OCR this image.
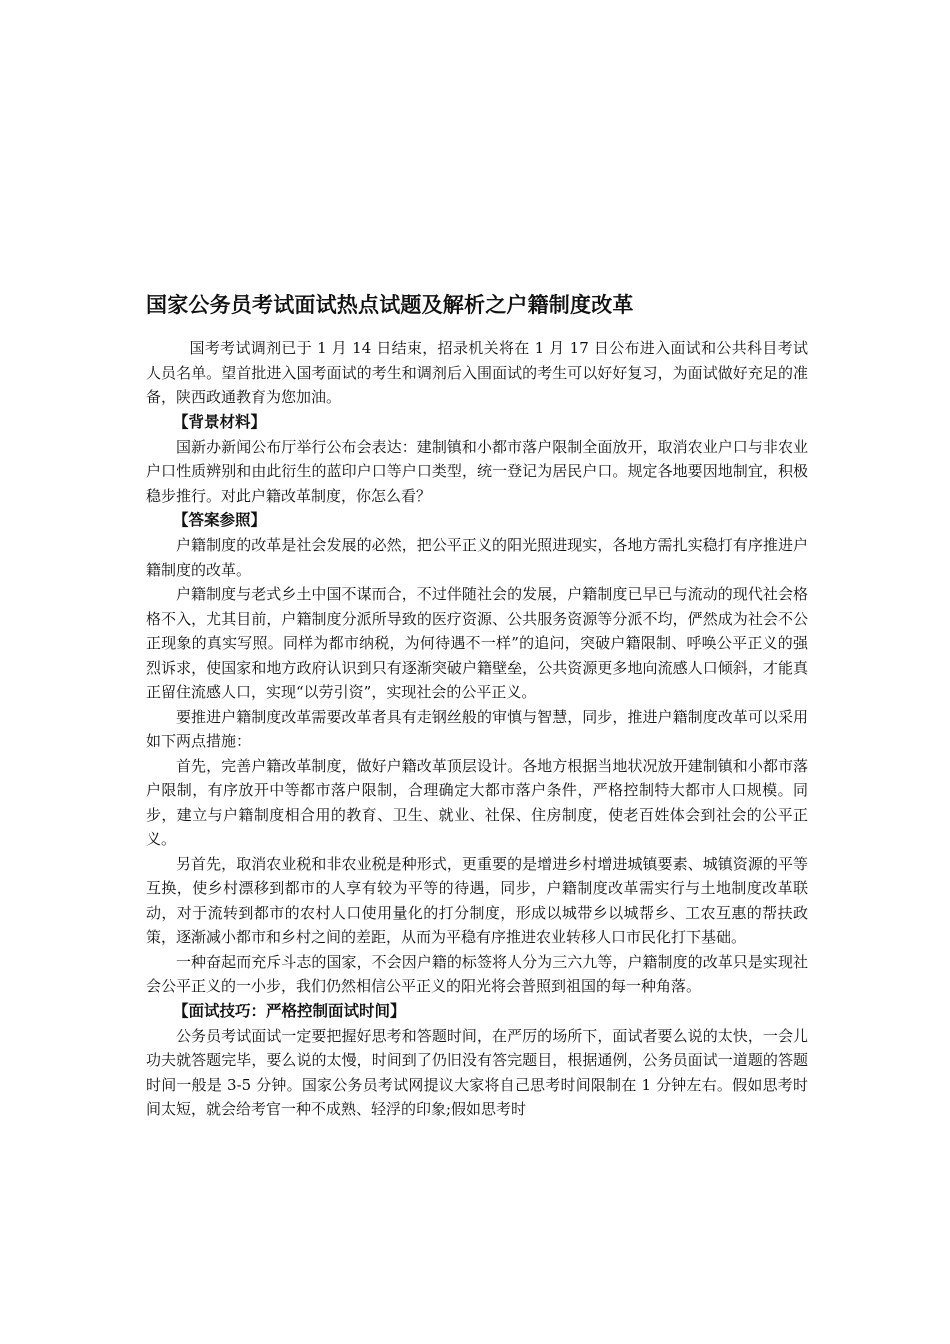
国家公务员考试面试热点试题及解析之户籍制度改革

国考考试调剂已于 1 月 14 日结束，招录机关将在 1 月 17 日公布进入面试和公共科目考试人员名单。望首批进入国考面试的考生和调剂后入围面试的考生可以好好复习，为面试做好充足的准备，陕西政通教育为您加油。

【背景材料】

国新办新闻公布厅举行公布会表达：建制镇和小都市落户限制全面放开，取消农业户口与非农业户口性质辨别和由此衍生的蓝印户口等户口类型，统一登记为居民户口。规定各地要因地制宜，积极稳步推行。对此户籍改革制度，你怎么看？

【答案参照】

户籍制度的改革是社会发展的必然，把公平正义的阳光照进现实，各地方需扎实稳打有序推进户籍制度的改革。

户籍制度与老式乡土中国不谋而合，不过伴随社会的发展，户籍制度已早已与流动的现代社会格格不入，尤其目前，户籍制度分派所导致的医疗资源、公共服务资源等分派不均，俨然成为社会不公正现象的真实写照。同样为都市纳税，为何待遇不一样”的追问，突破户籍限制、呼唤公平正义的强烈诉求，使国家和地方政府认识到只有逐渐突破户籍壁垒，公共资源更多地向流感人口倾斜，才能真正留住流感人口，实现“以劳引资”，实现社会的公平正义。

要推进户籍制度改革需要改革者具有走钢丝般的审慎与智慧，同步，推进户籍制度改革可以采用如下两点措施：

首先，完善户籍改革制度，做好户籍改革顶层设计。各地方根据当地状况放开建制镇和小都市落户限制，有序放开中等都市落户限制，合理确定大都市落户条件，严格控制特大都市人口规模。同步，建立与户籍制度相合用的教育、卫生、就业、社保、住房制度，使老百姓体会到社会的公平正义。

另首先，取消农业税和非农业税是种形式，更重要的是增进乡村增进城镇要素、城镇资源的平等互换，使乡村漂移到都市的人享有较为平等的待遇，同步，户籍制度改革需实行与土地制度改革联动，对于流转到都市的农村人口使用量化的打分制度，形成以城带乡以城帮乡、工农互惠的帮扶政策，逐渐减小都市和乡村之间的差距，从而为平稳有序推进农业转移人口市民化打下基础。

一种奋起而充斥斗志的国家，不会因户籍的标签将人分为三六九等，户籍制度的改革只是实现社会公平正义的一小步，我们仍然相信公平正义的阳光将会普照到祖国的每一种角落。

【面试技巧：严格控制面试时间】

公务员考试面试一定要把握好思考和答题时间，在严厉的场所下，面试者要么说的太快，一会儿功夫就答题完毕，要么说的太慢，时间到了仍旧没有答完题目，根据通例，公务员面试一道题的答题时间一般是 3-5 分钟。国家公务员考试网提议大家将自己思考时间限制在 1 分钟左右。假如思考时间太短，就会给考官一种不成熟、轻浮的印象;假如思考时
